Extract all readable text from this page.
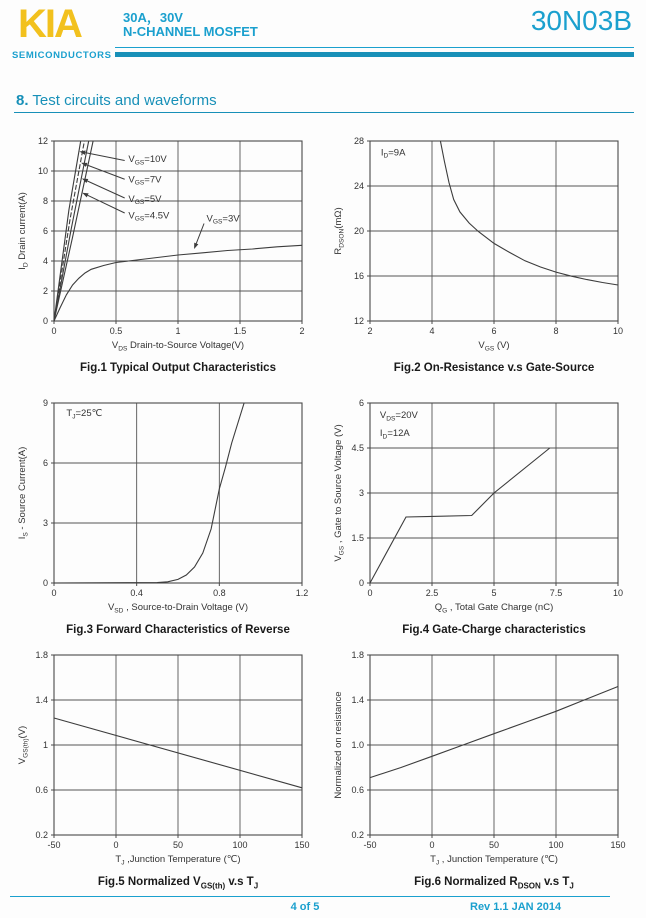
KIA
SEMICONDUCTORS
30A，30V
N-CHANNEL MOSFET	30N03B
8. Test circuits and waveforms
0	0.5	1	1.5	2
0
2
4
6
8
10
12
$V_{DS}$ Drain-to-Source Voltage(V)
$I_D$ Drain current(A)
$V_{GS}=10V$
$V_{GS}=7V$
$V_{GS}=5V$
$V_{GS}=4.5V$	$V_{GS}=3V$
Fig.1 Typical Output Characteristics
2	4	6	8	10
12
16
20
24
28
$V_{GS}$ (V)
$R_{DSON}(m\Omega)$
$I_D=9A$
Fig.2 On-Resistance v.s Gate-Source
0	0.4	0.8	1.2
0
3
6
9
$V_{SD}$ , Source-to-Drain Voltage (V)
$I_S$ - Source Current(A)
$T_J=25℃$
Fig.3 Forward Characteristics of Reverse
0	2.5	5	7.5	10
0
1.5
3
4.5
6
$Q_G$ , Total Gate Charge (nC)
$V_{GS}$ , Gate to Source Voltage (V)
$V_{DS}=20V$
$I_D=12A$
Fig.4 Gate-Charge characteristics
-50	0	50	100	150
0.2
0.6
1
1.4
1.8
$T_J$ ,Junction Temperature (℃)
$V_{GS(th)}(V)$
Fig.5 Normalized $V_{GS(th)}$ v.s $T_J$
-50	0	50	100	150
0.2
0.6
1.0
1.4
1.8
$T_J$ , Junction Temperature (℃)
Normalized on resistance
Fig.6 Normalized $R_{DSON}$ v.s $T_J$
4 of 5	Rev 1.1 JAN 2014
